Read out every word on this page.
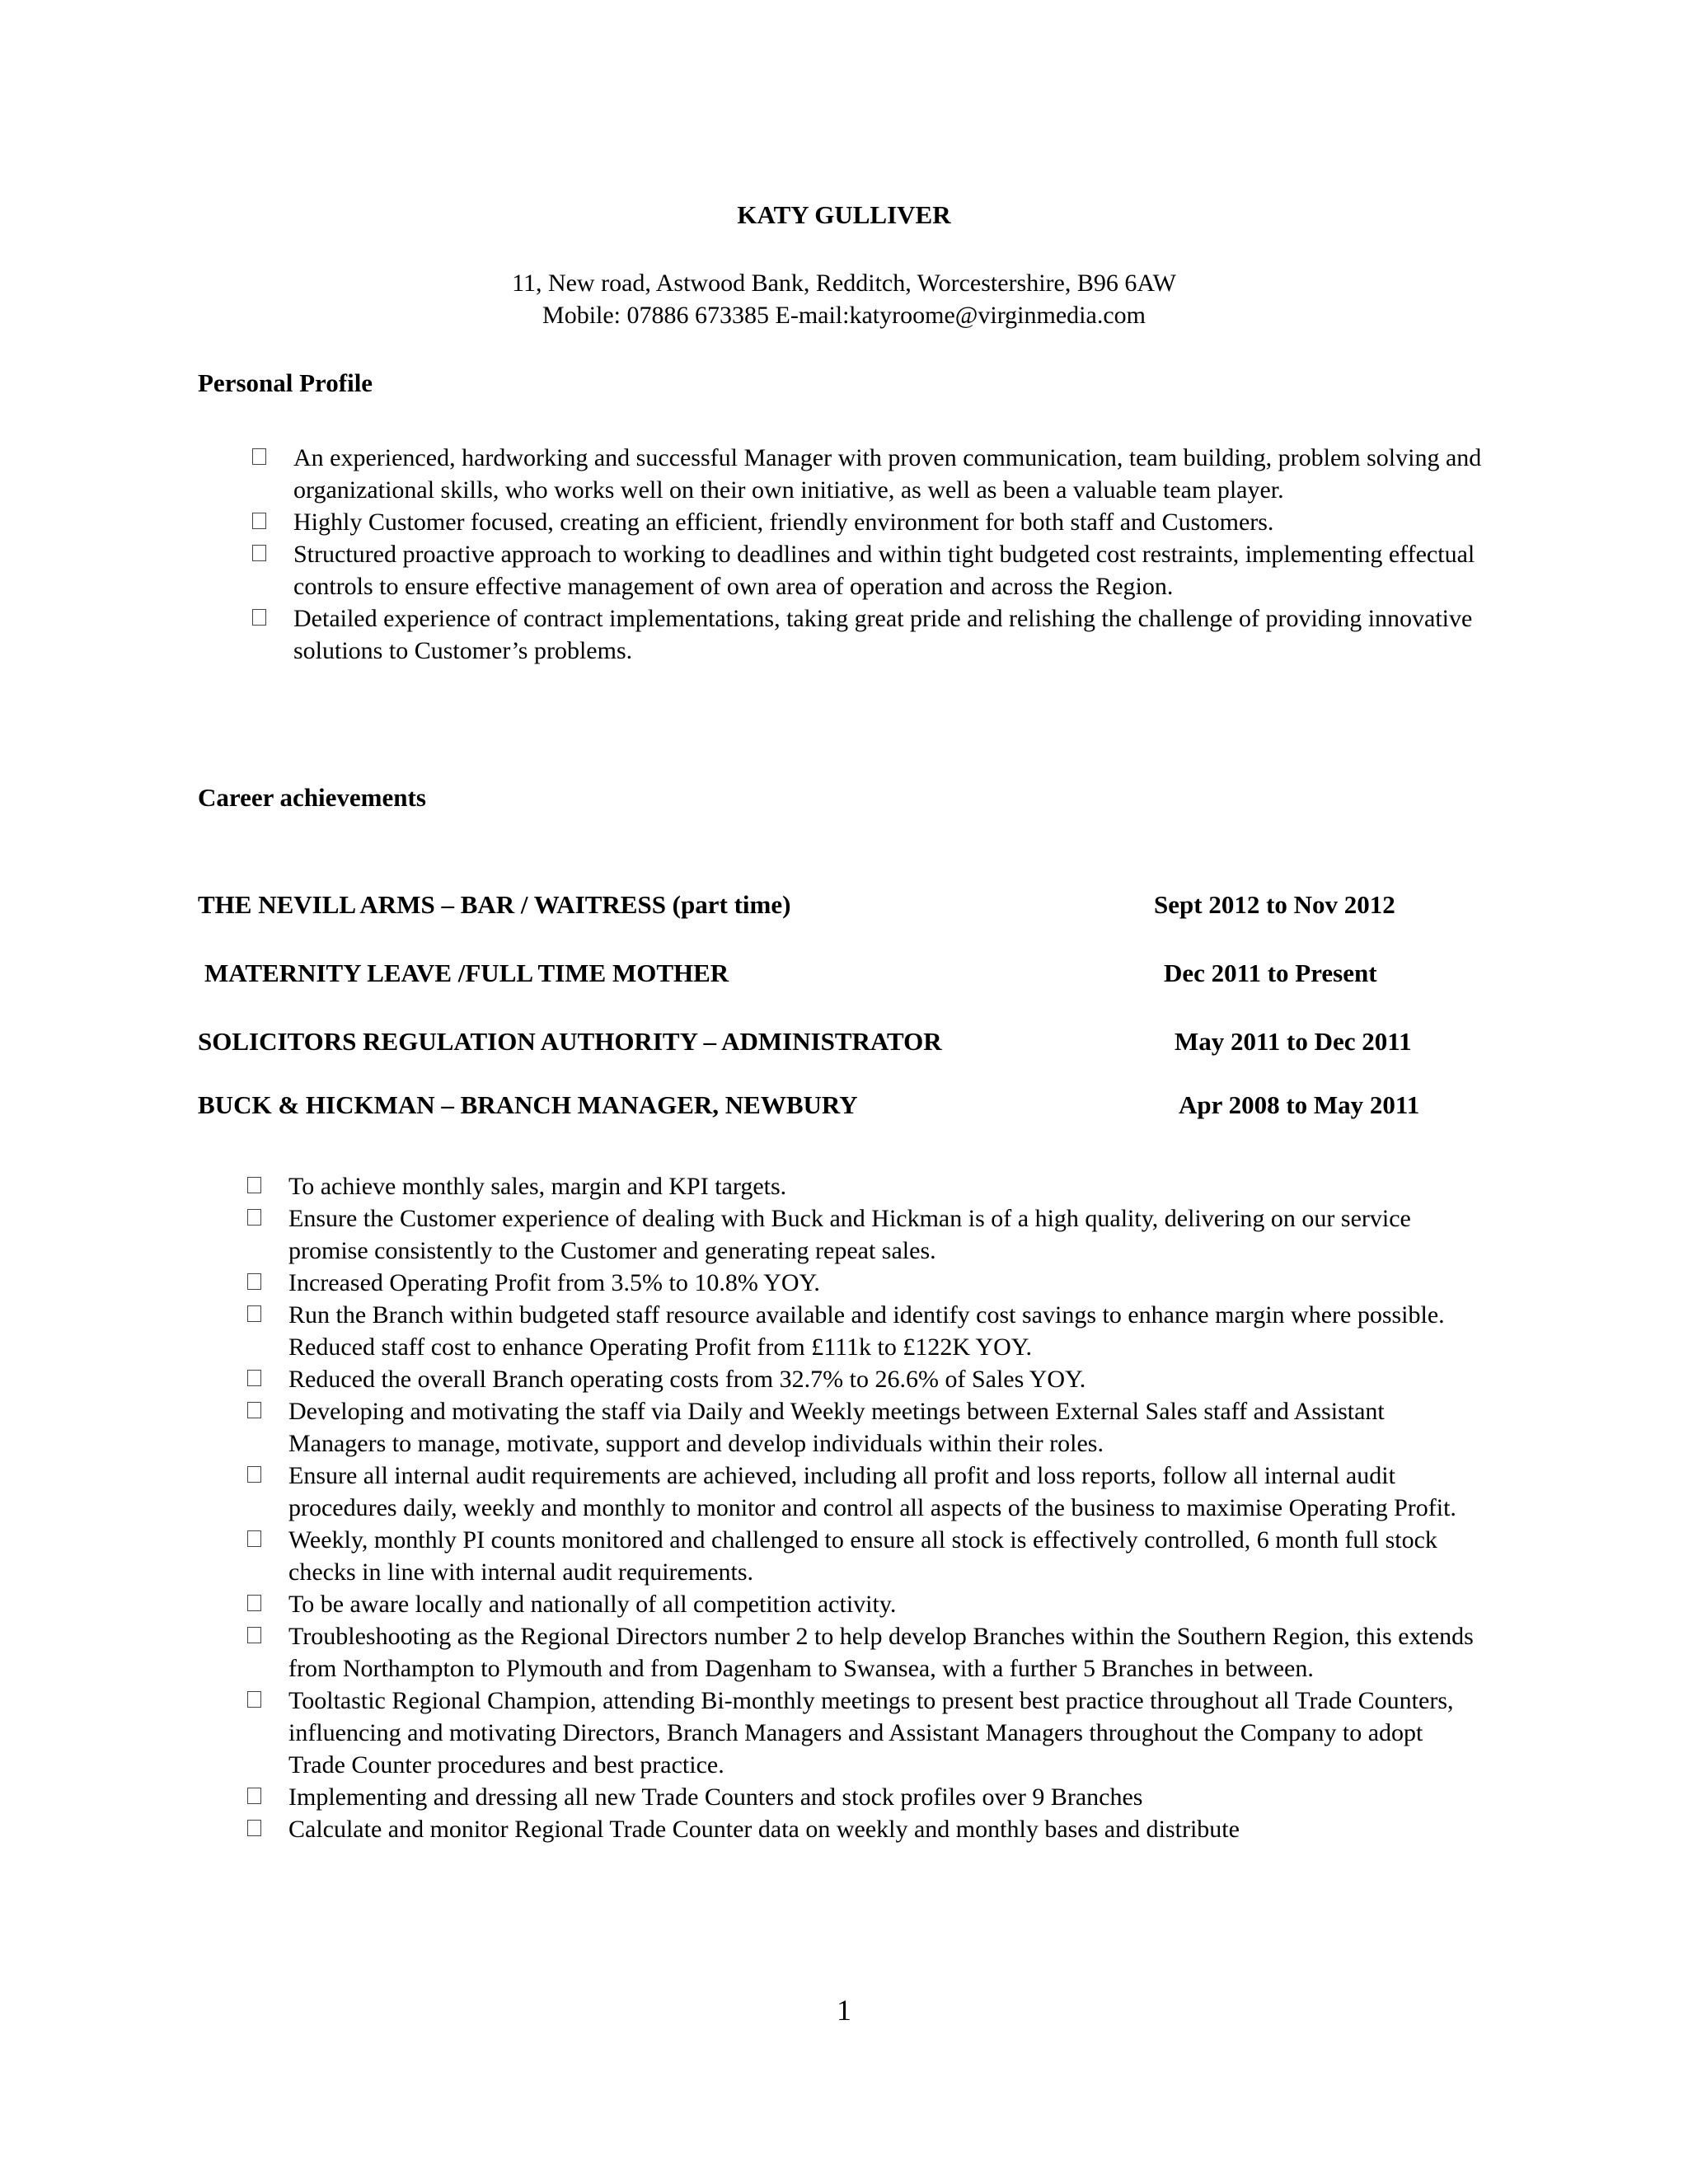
KATY GULLIVER
11, New road, Astwood Bank, Redditch, Worcestershire, B96 6AW
Mobile: 07886 673385 E-mail:katyroome@virginmedia.com
Personal Profile
An experienced, hardworking and successful Manager with proven communication, team building, problem solving and organizational skills, who works well on their own initiative, as well as been a valuable team player.
Highly Customer focused, creating an efficient, friendly environment for both staff and Customers.
Structured proactive approach to working to deadlines and within tight budgeted cost restraints, implementing effectual controls to ensure effective management of own area of operation and across the Region.
Detailed experience of contract implementations, taking great pride and relishing the challenge of providing innovative solutions to Customer’s problems.
Career achievements
THE NEVILL ARMS – BAR / WAITRESS (part time)	Sept 2012 to Nov 2012
MATERNITY LEAVE /FULL TIME MOTHER	Dec 2011 to Present
SOLICITORS REGULATION AUTHORITY – ADMINISTRATOR	May 2011 to Dec 2011
BUCK & HICKMAN – BRANCH MANAGER, NEWBURY	Apr 2008 to May 2011
To achieve monthly sales, margin and KPI targets.
Ensure the Customer experience of dealing with Buck and Hickman is of a high quality, delivering on our service promise consistently to the Customer and generating repeat sales.
Increased Operating Profit from 3.5% to 10.8% YOY.
Run the Branch within budgeted staff resource available and identify cost savings to enhance margin where possible. Reduced staff cost to enhance Operating Profit from £111k to £122K YOY.
Reduced the overall Branch operating costs from 32.7% to 26.6% of Sales YOY.
Developing and motivating the staff via Daily and Weekly meetings between External Sales staff and Assistant Managers to manage, motivate, support and develop individuals within their roles.
Ensure all internal audit requirements are achieved, including all profit and loss reports, follow all internal audit procedures daily, weekly and monthly to monitor and control all aspects of the business to maximise Operating Profit.
Weekly, monthly PI counts monitored and challenged to ensure all stock is effectively controlled, 6 month full stock checks in line with internal audit requirements.
To be aware locally and nationally of all competition activity.
Troubleshooting as the Regional Directors number 2 to help develop Branches within the Southern Region, this extends from Northampton to Plymouth and from Dagenham to Swansea, with a further 5 Branches in between.
Tooltastic Regional Champion, attending Bi-monthly meetings to present best practice throughout all Trade Counters, influencing and motivating Directors, Branch Managers and Assistant Managers throughout the Company to adopt Trade Counter procedures and best practice.
Implementing and dressing all new Trade Counters and stock profiles over 9 Branches
Calculate and monitor Regional Trade Counter data on weekly and monthly bases and distribute
1
